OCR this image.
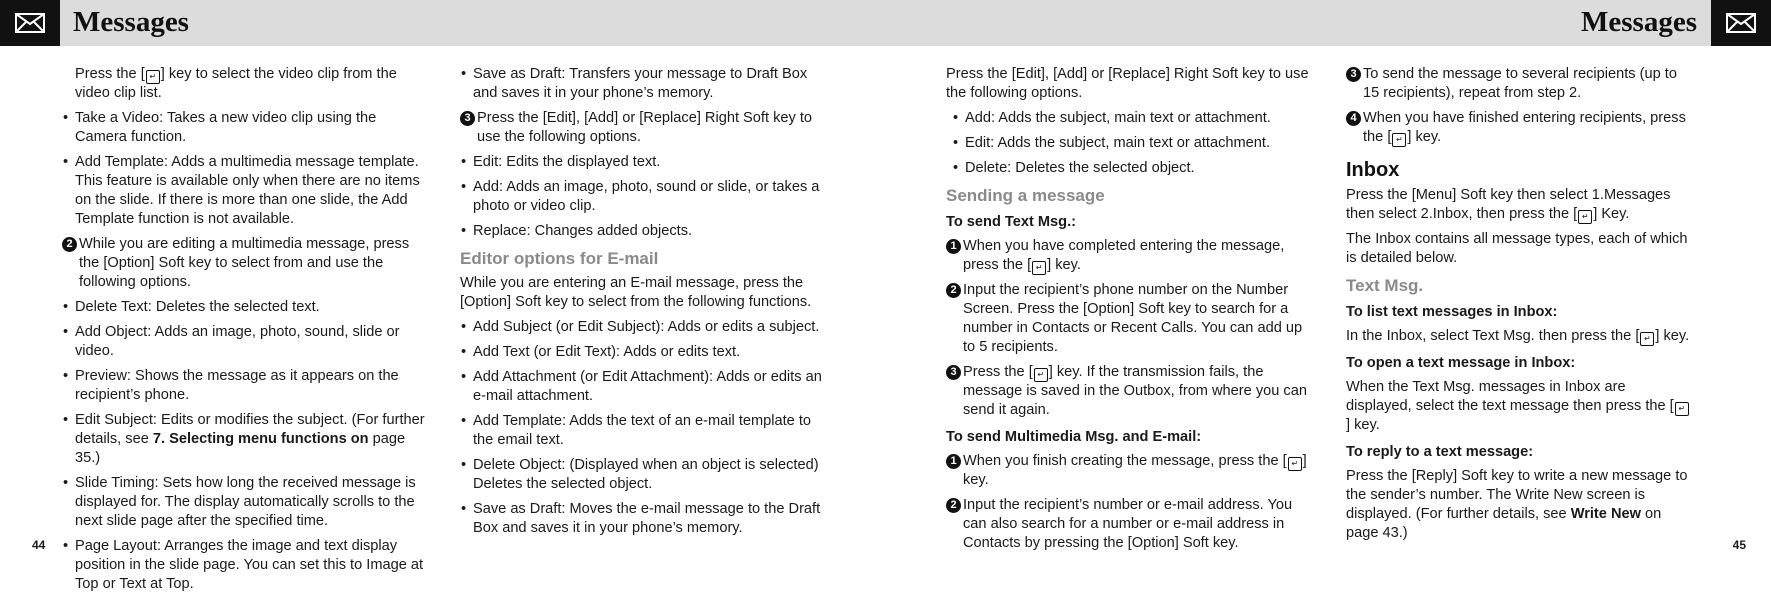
Messages	Messages

Press the [ ↵ ] key to select the video clip from the video clip list.

• Take a Video: Takes a new video clip using the Camera function.
• Add Template: Adds a multimedia message template. This feature is available only when there are no items on the slide. If there is more than one slide, the Add Template function is not available.
2 While you are editing a multimedia message, press the [Option] Soft key to select from and use the following options.
• Delete Text: Deletes the selected text.
• Add Object: Adds an image, photo, sound, slide or video.
• Preview: Shows the message as it appears on the recipient’s phone.
• Edit Subject: Edits or modifies the subject. (For further details, see 7. Selecting menu functions on page 35.)
• Slide Timing: Sets how long the received message is displayed for. The display automatically scrolls to the next slide page after the specified time.
• Page Layout: Arranges the image and text display position in the slide page. You can set this to Image at Top or Text at Top.
• Save as Draft: Transfers your message to Draft Box and saves it in your phone’s memory.
3 Press the [Edit], [Add] or [Replace] Right Soft key to use the following options.
• Edit: Edits the displayed text.
• Add: Adds an image, photo, sound or slide, or takes a photo or video clip.
• Replace: Changes added objects.
Editor options for E-mail

While you are entering an E-mail message, press the [Option] Soft key to select from the following functions.

• Add Subject (or Edit Subject): Adds or edits a subject.
• Add Text (or Edit Text): Adds or edits text.
• Add Attachment (or Edit Attachment): Adds or edits an e-mail attachment.
• Add Template: Adds the text of an e-mail template to the email text.
• Delete Object: (Displayed when an object is selected) Deletes the selected object.
• Save as Draft: Moves the e-mail message to the Draft Box and saves it in your phone’s memory.

Press the [Edit], [Add] or [Replace] Right Soft key to use the following options.

• Add: Adds the subject, main text or attachment.
• Edit: Adds the subject, main text or attachment.
• Delete: Deletes the selected object.
Sending a message
To send Text Msg.:
1 When you have completed entering the message, press the [ ↵ ] key.
2 Input the recipient’s phone number on the Number Screen. Press the [Option] Soft key to search for a number in Contacts or Recent Calls. You can add up to 5 recipients.
3 Press the [ ↵ ] key. If the transmission fails, the message is saved in the Outbox, from where you can send it again.
To send Multimedia Msg. and E-mail:
1 When you finish creating the message, press the [ ↵ ] key.
2 Input the recipient’s number or e-mail address. You can also search for a number or e-mail address in Contacts by pressing the [Option] Soft key.
3 To send the message to several recipients (up to 15 recipients), repeat from step 2.
4 When you have finished entering recipients, press the [ ↵ ] key.
Inbox

Press the [Menu] Soft key then select 1.Messages then select 2.Inbox, then press the [ ↵ ] Key.

The Inbox contains all message types, each of which is detailed below.

Text Msg.
To list text messages in Inbox:

In the Inbox, select Text Msg. then press the [ ↵ ] key.

To open a text message in Inbox:

When the Text Msg. messages in Inbox are displayed, select the text message then press the [ ↵] key.

To reply to a text message:

Press the [Reply] Soft key to write a new message to the sender’s number. The Write New screen is displayed. (For further details, see Write New on page 43.)

44	45
